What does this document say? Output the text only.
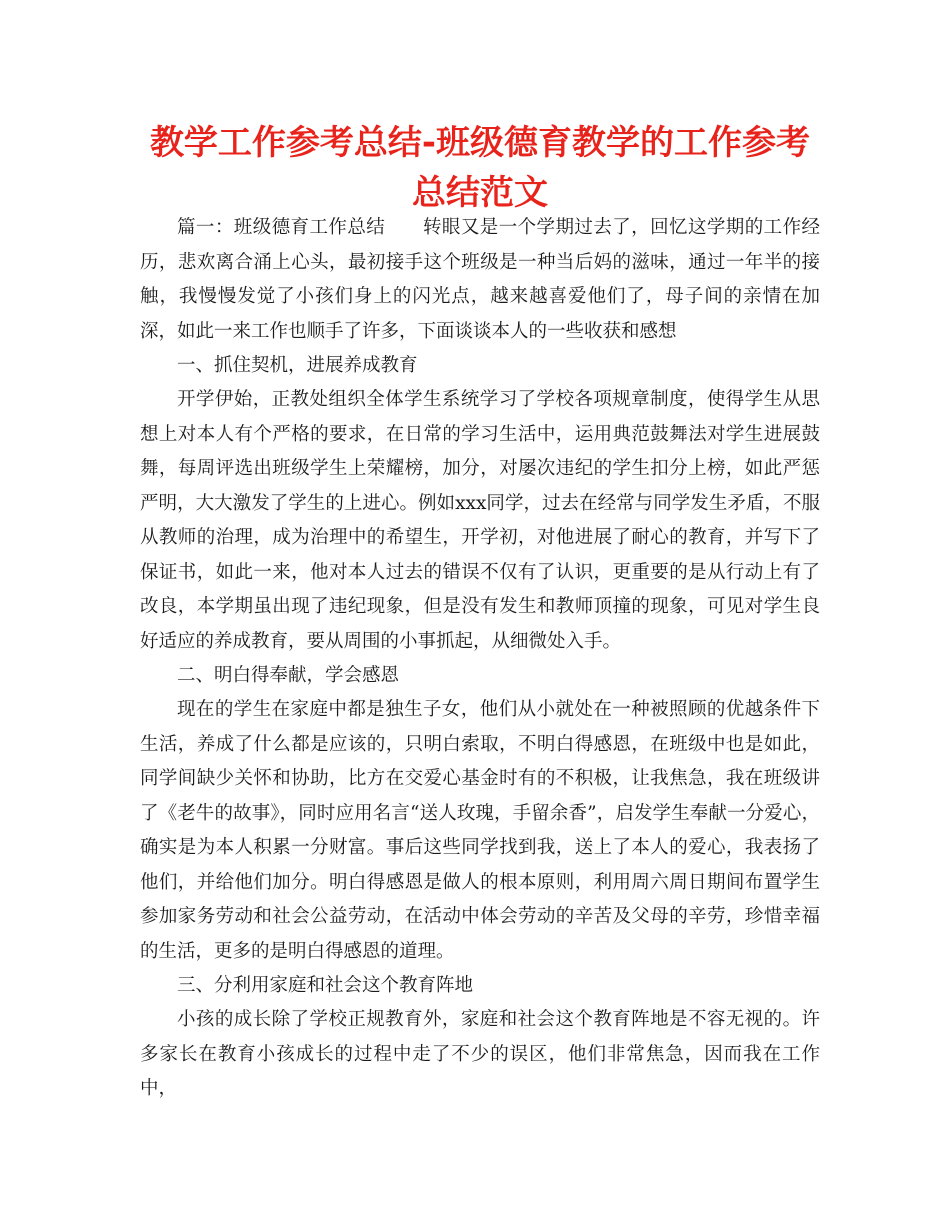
教学工作参考总结-班级德育教学的工作参考总结范文

篇一：班级德育工作总结　　转眼又是一个学期过去了，回忆这学期的工作经历，悲欢离合涌上心头，最初接手这个班级是一种当后妈的滋味，通过一年半的接触，我慢慢发觉了小孩们身上的闪光点，越来越喜爱他们了，母子间的亲情在加深，如此一来工作也顺手了许多，下面谈谈本人的一些收获和感想

一、抓住契机，进展养成教育

开学伊始，正教处组织全体学生系统学习了学校各项规章制度，使得学生从思想上对本人有个严格的要求，在日常的学习生活中，运用典范鼓舞法对学生进展鼓舞，每周评选出班级学生上荣耀榜，加分，对屡次违纪的学生扣分上榜，如此严惩严明，大大激发了学生的上进心。例如xxx同学，过去在经常与同学发生矛盾，不服从教师的治理，成为治理中的希望生，开学初，对他进展了耐心的教育，并写下了保证书，如此一来，他对本人过去的错误不仅有了认识，更重要的是从行动上有了改良，本学期虽出现了违纪现象，但是没有发生和教师顶撞的现象，可见对学生良好适应的养成教育，要从周围的小事抓起，从细微处入手。

二、明白得奉献，学会感恩

现在的学生在家庭中都是独生子女，他们从小就处在一种被照顾的优越条件下生活，养成了什么都是应该的，只明白索取，不明白得感恩，在班级中也是如此，同学间缺少关怀和协助，比方在交爱心基金时有的不积极，让我焦急，我在班级讲了《老牛的故事》，同时应用名言“送人玫瑰，手留余香”，启发学生奉献一分爱心，确实是为本人积累一分财富。事后这些同学找到我，送上了本人的爱心，我表扬了他们，并给他们加分。明白得感恩是做人的根本原则，利用周六周日期间布置学生参加家务劳动和社会公益劳动，在活动中体会劳动的辛苦及父母的辛劳，珍惜幸福的生活，更多的是明白得感恩的道理。

三、分利用家庭和社会这个教育阵地

小孩的成长除了学校正规教育外，家庭和社会这个教育阵地是不容无视的。许多家长在教育小孩成长的过程中走了不少的误区，他们非常焦急，因而我在工作中，
